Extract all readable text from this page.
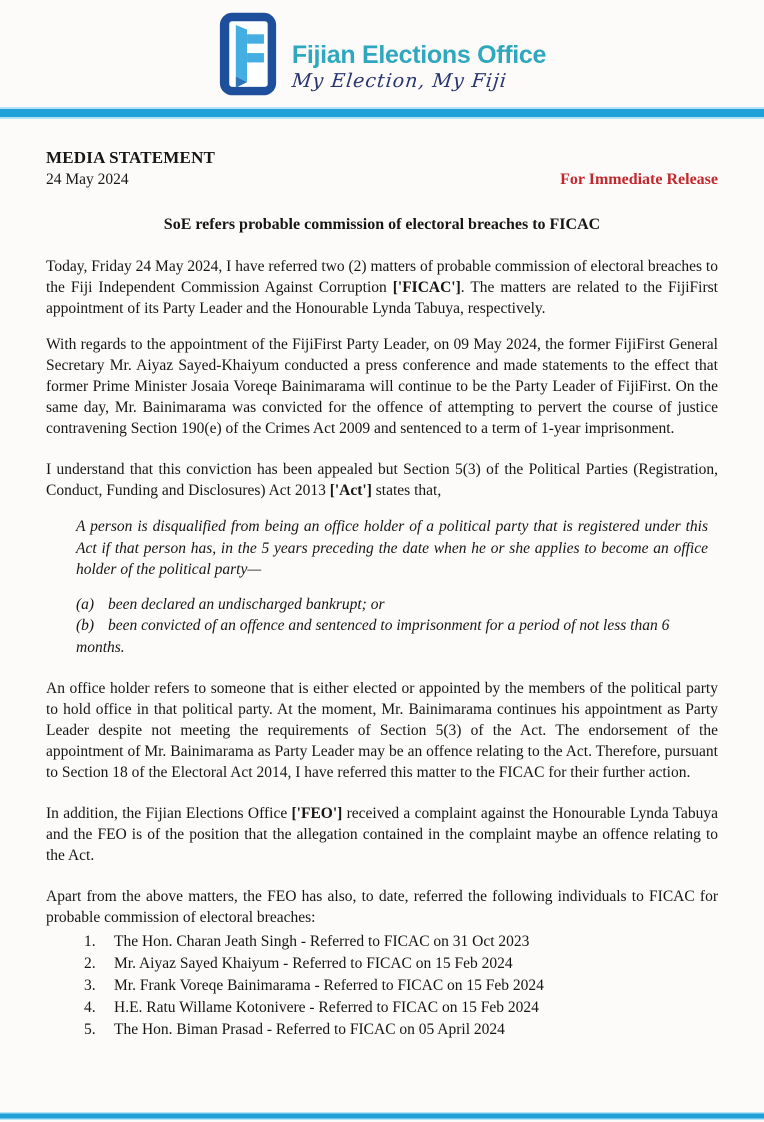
Fijian Elections Office
My Election, My Fiji
MEDIA STATEMENT
24 May 2024	For Immediate Release
SoE refers probable commission of electoral breaches to FICAC

Today, Friday 24 May 2024, I have referred two (2) matters of probable commission of electoral breaches to the Fiji Independent Commission Against Corruption ['FICAC']. The matters are related to the FijiFirst appointment of its Party Leader and the Honourable Lynda Tabuya, respectively.

With regards to the appointment of the FijiFirst Party Leader, on 09 May 2024, the former FijiFirst General Secretary Mr. Aiyaz Sayed-Khaiyum conducted a press conference and made statements to the effect that former Prime Minister Josaia Voreqe Bainimarama will continue to be the Party Leader of FijiFirst. On the same day, Mr. Bainimarama was convicted for the offence of attempting to pervert the course of justice contravening Section 190(e) of the Crimes Act 2009 and sentenced to a term of 1-year imprisonment.

I understand that this conviction has been appealed but Section 5(3) of the Political Parties (Registration, Conduct, Funding and Disclosures) Act 2013 ['Act'] states that,

A person is disqualified from being an office holder of a political party that is registered under this Act if that person has, in the 5 years preceding the date when he or she applies to become an office holder of the political party—
(a) been declared an undischarged bankrupt; or
(b) been convicted of an offence and sentenced to imprisonment for a period of not less than 6 months.

An office holder refers to someone that is either elected or appointed by the members of the political party to hold office in that political party. At the moment, Mr. Bainimarama continues his appointment as Party Leader despite not meeting the requirements of Section 5(3) of the Act. The endorsement of the appointment of Mr. Bainimarama as Party Leader may be an offence relating to the Act. Therefore, pursuant to Section 18 of the Electoral Act 2014, I have referred this matter to the FICAC for their further action.

In addition, the Fijian Elections Office ['FEO'] received a complaint against the Honourable Lynda Tabuya and the FEO is of the position that the allegation contained in the complaint maybe an offence relating to the Act.

Apart from the above matters, the FEO has also, to date, referred the following individuals to FICAC for probable commission of electoral breaches:

1. The Hon. Charan Jeath Singh - Referred to FICAC on 31 Oct 2023
2. Mr. Aiyaz Sayed Khaiyum - Referred to FICAC on 15 Feb 2024
3. Mr. Frank Voreqe Bainimarama - Referred to FICAC on 15 Feb 2024
4. H.E. Ratu Willame Kotonivere - Referred to FICAC on 15 Feb 2024
5. The Hon. Biman Prasad - Referred to FICAC on 05 April 2024
